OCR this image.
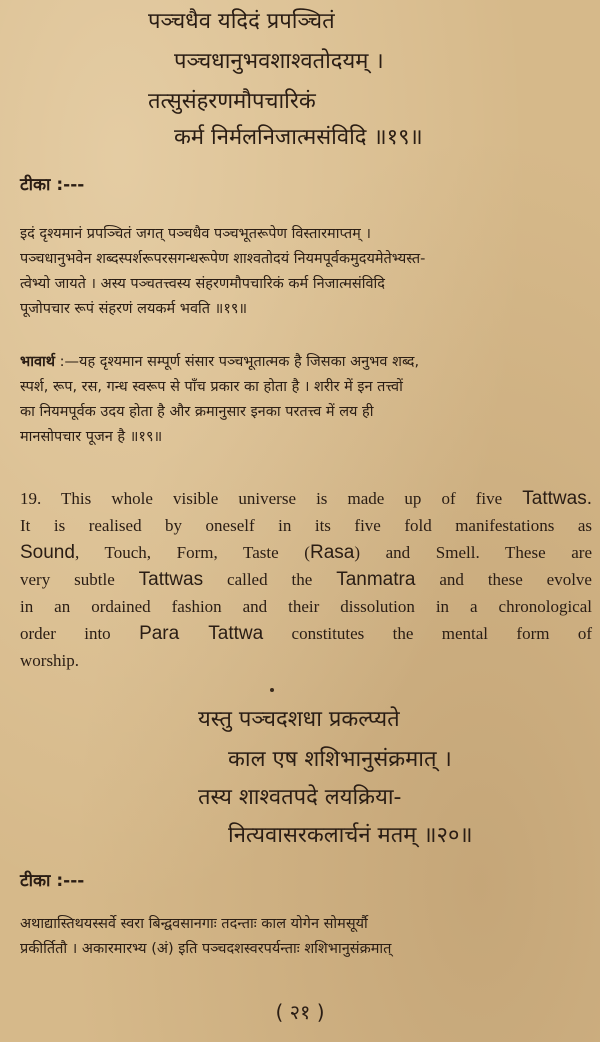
पञ्चधैव यदिदं प्रपञ्चितं
पञ्चधानुभवशाश्वतोदयम् ।
तत्सुसंहरणमौपचारिकं
कर्म निर्मलनिजात्मसंविदि ॥१९॥
टीका :---
इदं दृश्यमानं प्रपञ्चितं जगत् पञ्चधैव पञ्चभूतरूपेण विस्तारमाप्तम् ।
पञ्चधानुभवेन शब्दस्पर्शरूपरसगन्धरूपेण शाश्वतोदयं नियमपूर्वकमुदयमेतेभ्यस्त-
त्वेभ्यो जायते । अस्य पञ्चतत्त्वस्य संहरणमौपचारिकं कर्म निजात्मसंविदि
पूजोपचार रूपं संहरणं लयकर्म भवति ॥१९॥
भावार्थ :—यह दृश्यमान सम्पूर्ण संसार पञ्चभूतात्मक है जिसका अनुभव शब्द,
स्पर्श, रूप, रस, गन्ध स्वरूप से पाँच प्रकार का होता है । शरीर में इन तत्त्वों
का नियमपूर्वक उदय होता है और क्रमानुसार इनका परतत्त्व में लय ही
मानसोपचार पूजन है ॥१९॥
19. This whole visible universe is made up of five Tattwas.
It is realised by oneself in its five fold manifestations as
Sound, Touch, Form, Taste (Rasa) and Smell. These are
very subtle Tattwas called the Tanmatra and these evolve
in an ordained fashion and their dissolution in a chronological
order into Para Tattwa constitutes the mental form of
worship.
यस्तु पञ्चदशधा प्रकल्प्यते
काल एष शशिभानुसंक्रमात् ।
तस्य शाश्वतपदे लयक्रिया-
नित्यवासरकलार्चनं मतम् ॥२०॥
टीका :---
अथाद्यास्तिथयस्सर्वे स्वरा बिन्द्ववसानगाः तदन्ताः काल योगेन सोमसूर्यौ
प्रकीर्तितौ । अकारमारभ्य (अं) इति पञ्चदशस्वरपर्यन्ताः शशिभानुसंक्रमात्
( २१ )
